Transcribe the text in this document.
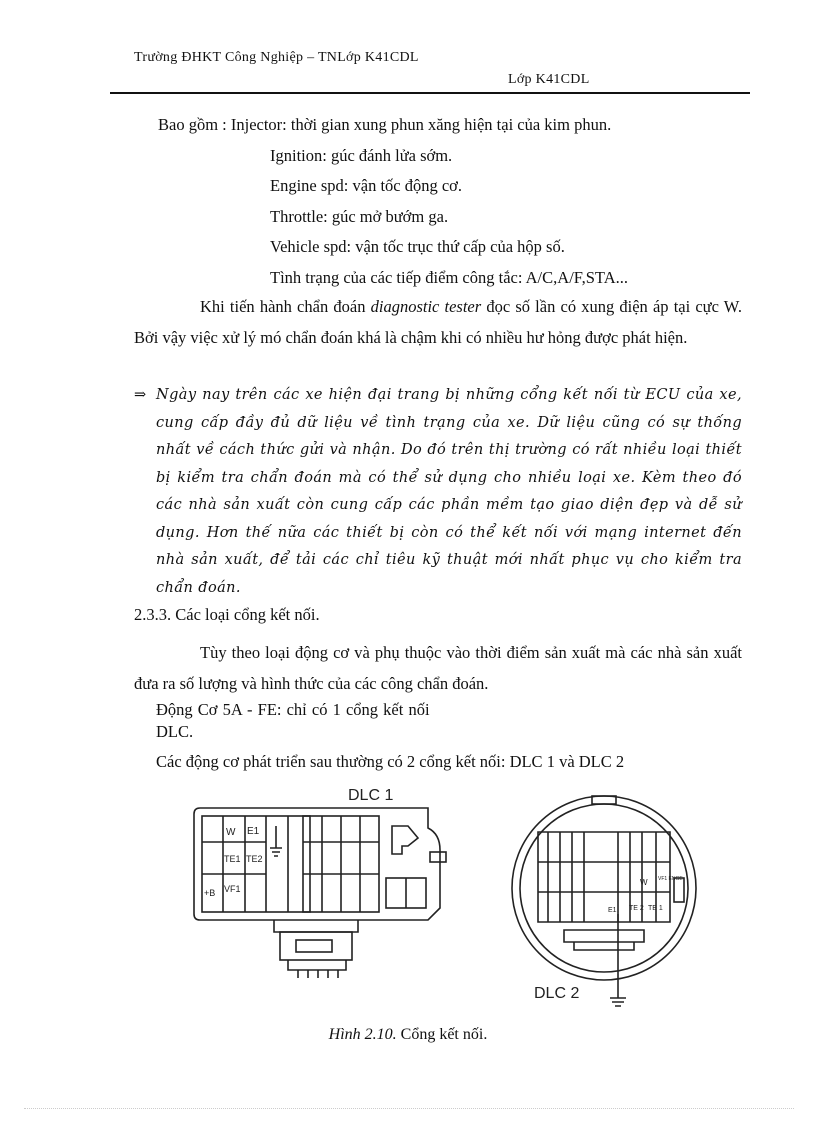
Trường ĐHKT Công Nghiệp – TNLớp K41CDL
Lớp K41CDL
Bao gồm : Injector: thời gian xung phun xăng hiện tại của kim phun.
Ignition: gúc đánh lửa sớm.
Engine spd: vận tốc động cơ.
Throttle: gúc mở bướm ga.
Vehicle spd: vận tốc trục thứ cấp của hộp số.
Tình trạng của các tiếp điểm công tắc: A/C,A/F,STA...
Khi tiến hành chẩn đoán diagnostic tester đọc số lần có xung điện áp tại cực W. Bởi vậy việc xử lý mó chẩn đoán khá là chậm khi có nhiều hư hỏng được phát hiện.
⇒ Ngày nay trên các xe hiện đại trang bị những cổng kết nối từ ECU của xe, cung cấp đầy đủ dữ liệu về tình trạng của xe. Dữ liệu cũng có sự thống nhất về cách thức gửi và nhận. Do đó trên thị trường có rất nhiều loại thiết bị kiểm tra chẩn đoán mà có thể sử dụng cho nhiều loại xe. Kèm theo đó các nhà sản xuất còn cung cấp các phần mềm tạo giao diện đẹp và dễ sử dụng. Hơn thế nữa các thiết bị còn có thể kết nối với mạng internet đến nhà sản xuất, để tải các chỉ tiêu kỹ thuật mới nhất phục vụ cho kiểm tra chẩn đoán.
2.3.3. Các loại cổng kết nối.
Tùy theo loại động cơ và phụ thuộc vào thời điểm sản xuất mà các nhà sản xuất đưa ra số lượng và hình thức của các công chẩn đoán.
Động Cơ 5A - FE: chỉ có 1 cổng kết nối
DLC.
Các động cơ phát triển sau thường có 2 cổng kết nối: DLC 1 và DLC 2
DLC 1
W E1
TE1 TE2
+B VF1
W VF1 ENGE
E1 TE 2 TE 1
DLC 2
Hình 2.10. Cổng kết nối.
